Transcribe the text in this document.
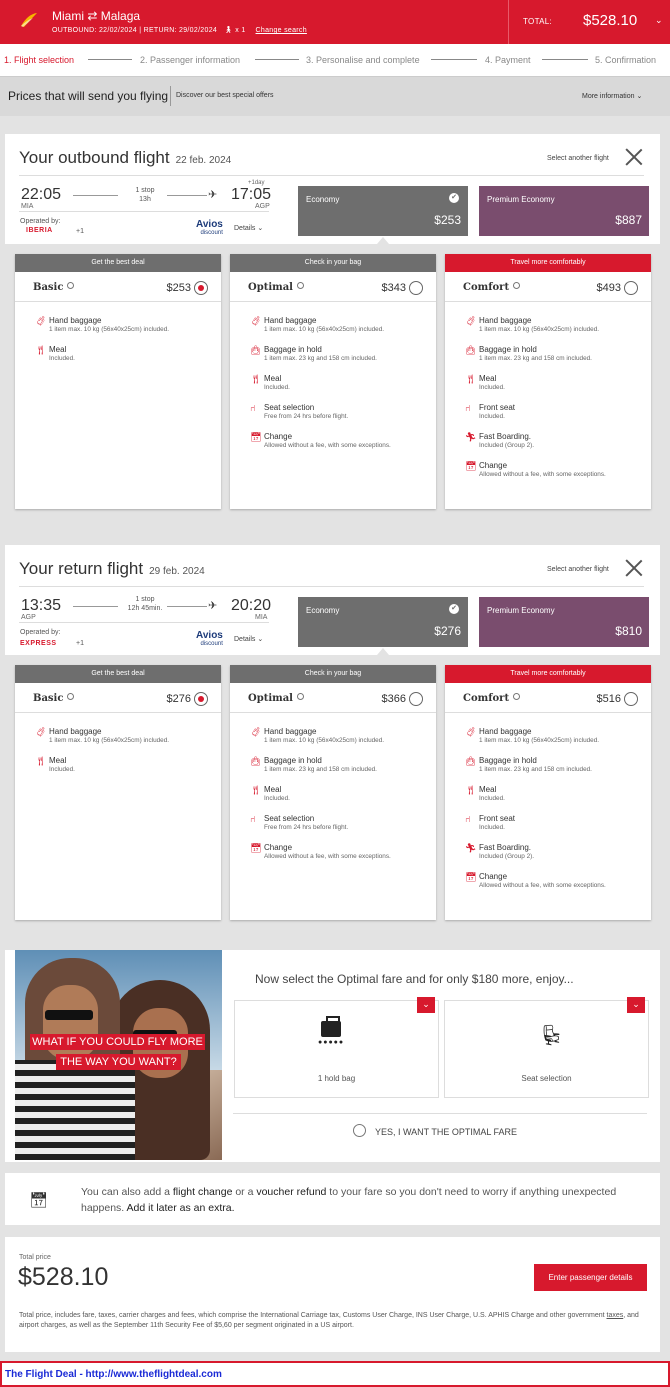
Miami ⇄ Malaga
OUTBOUND: 22/02/2024 | RETURN: 29/02/2024 🚶︎ x 1 Change search
TOTAL: $528.10 ⌄
1. Flight selection	2. Passenger information	3. Personalise and complete	4. Payment	5. Confirmation
Prices that will send you flying Discover our best special offers	More information ⌄
Your outbound flight 22 feb. 2024	Select another flight
22:05
MIA
1 stop
13h	✈
+1day
17:05
AGP
Operated by:
IBERIA	+1
Avios
discount
Details ⌄
Economy	✔
$253
Premium Economy
$887
Get the best deal
Basic	$253
🧳︎ Hand baggage
1 item max. 10 kg (56x40x25cm) included.
🍴︎ Meal
Included.
Check in your bag
Optimal	$343
🧳︎ Hand baggage
1 item max. 10 kg (56x40x25cm) included.
👜︎ Baggage in hold
1 item max. 23 kg and 158 cm included.
🍴︎ Meal
Included.
⑁ Seat selection
Free from 24 hrs before flight.
📅︎ Change
Allowed without a fee, with some exceptions.
Travel more comfortably
Comfort	$493
🧳︎ Hand baggage
1 item max. 10 kg (56x40x25cm) included.
👜︎ Baggage in hold
1 item max. 23 kg and 158 cm included.
🍴︎ Meal
Included.
⑁ Front seat
Included.
🏃︎ Fast Boarding.
Included (Group 2).
📅︎ Change
Allowed without a fee, with some exceptions.
Your return flight 29 feb. 2024	Select another flight
13:35
AGP
1 stop
12h 45min.	✈ 20:20
MIA
Operated by:
EXPRESS	+1
Avios
discount
Details ⌄
Economy	✔
$276
Premium Economy
$810
Get the best deal
Basic	$276
🧳︎ Hand baggage
1 item max. 10 kg (56x40x25cm) included.
🍴︎ Meal
Included.
Check in your bag
Optimal	$366
🧳︎ Hand baggage
1 item max. 10 kg (56x40x25cm) included.
👜︎ Baggage in hold
1 item max. 23 kg and 158 cm included.
🍴︎ Meal
Included.
⑁ Seat selection
Free from 24 hrs before flight.
📅︎ Change
Allowed without a fee, with some exceptions.
Travel more comfortably
Comfort	$516
🧳︎ Hand baggage
1 item max. 10 kg (56x40x25cm) included.
👜︎ Baggage in hold
1 item max. 23 kg and 158 cm included.
🍴︎ Meal
Included.
⑁ Front seat
Included.
🏃︎ Fast Boarding.
Included (Group 2).
📅︎ Change
Allowed without a fee, with some exceptions.
WHAT IF YOU COULD FLY MORE
THE WAY YOU WANT?
Now select the Optimal fare and for only $180 more, enjoy...
⌄
●●●●●
1 hold bag
⌄
💺︎
Seat selection
YES, I WANT THE OPTIMAL FARE
📅︎	You can also add a flight change or a voucher refund to your fare so you don't need to worry if anything unexpected happens. Add it later as an extra.
Total price
$528.10	Enter passenger details
Total price, includes fare, taxes, carrier charges and fees, which comprise the International Carriage tax, Customs User Charge, INS User Charge, U.S. APHIS Charge and other government taxes, and airport charges, as well as the September 11th Security Fee of $5,60 per segment originated in a US airport.
The Flight Deal - http://www.theflightdeal.com
